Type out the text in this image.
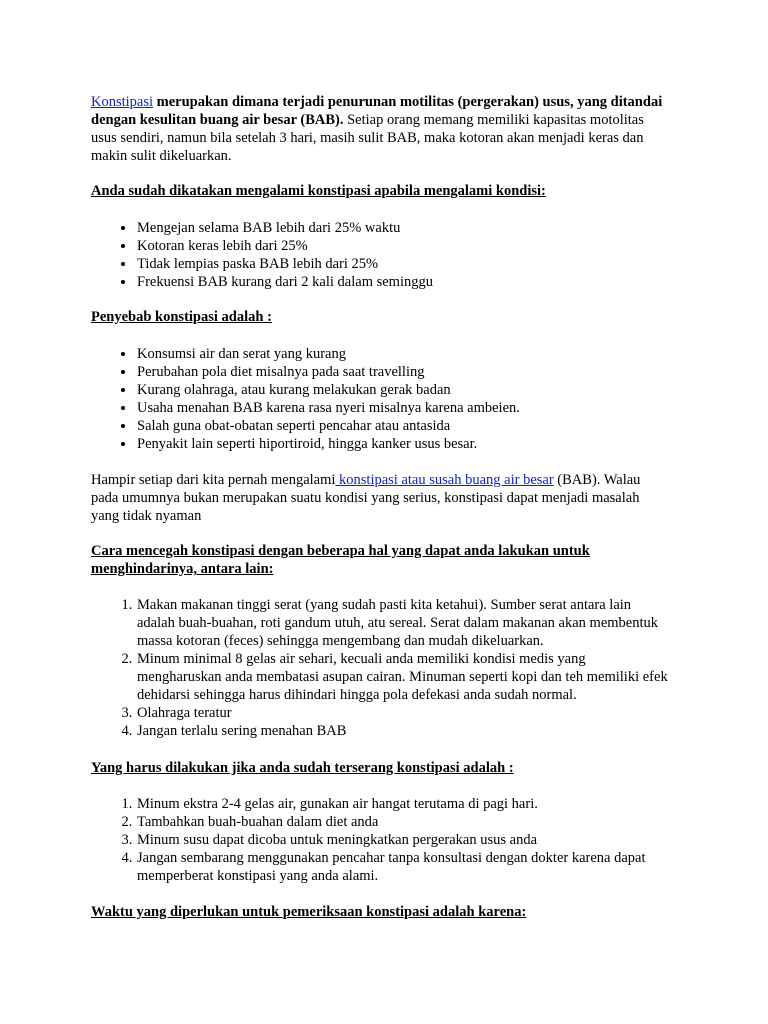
Konstipasi merupakan dimana terjadi penurunan motilitas (pergerakan) usus, yang ditandai dengan kesulitan buang air besar (BAB). Setiap orang memang memiliki kapasitas motolitas usus sendiri, namun bila setelah 3 hari, masih sulit BAB, maka kotoran akan menjadi keras dan makin sulit dikeluarkan.

Anda sudah dikatakan mengalami konstipasi apabila mengalami kondisi:

• Mengejan selama BAB lebih dari 25% waktu
• Kotoran keras lebih dari 25%
• Tidak lempias paska BAB lebih dari 25%
• Frekuensi BAB kurang dari 2 kali dalam seminggu

Penyebab konstipasi adalah :

• Konsumsi air dan serat yang kurang
• Perubahan pola diet misalnya pada saat travelling
• Kurang olahraga, atau kurang melakukan gerak badan
• Usaha menahan BAB karena rasa nyeri misalnya karena ambeien.
• Salah guna obat-obatan seperti pencahar atau antasida
• Penyakit lain seperti hiportiroid, hingga kanker usus besar.

Hampir setiap dari kita pernah mengalami konstipasi atau susah buang air besar (BAB). Walau pada umumnya bukan merupakan suatu kondisi yang serius, konstipasi dapat menjadi masalah yang tidak nyaman

Cara mencegah konstipasi dengan beberapa hal yang dapat anda lakukan untuk menghindarinya, antara lain:

1. Makan makanan tinggi serat (yang sudah pasti kita ketahui). Sumber serat antara lain adalah buah-buahan, roti gandum utuh, atu sereal. Serat dalam makanan akan membentuk massa kotoran (feces) sehingga mengembang dan mudah dikeluarkan.
2. Minum minimal 8 gelas air sehari, kecuali anda memiliki kondisi medis yang mengharuskan anda membatasi asupan cairan. Minuman seperti kopi dan teh memiliki efek dehidarsi sehingga harus dihindari hingga pola defekasi anda sudah normal.
3. Olahraga teratur
4. Jangan terlalu sering menahan BAB

Yang harus dilakukan jika anda sudah terserang konstipasi adalah :

1. Minum ekstra 2-4 gelas air, gunakan air hangat terutama di pagi hari.
2. Tambahkan buah-buahan dalam diet anda
3. Minum susu dapat dicoba untuk meningkatkan pergerakan usus anda
4. Jangan sembarang menggunakan pencahar tanpa konsultasi dengan dokter karena dapat memperberat konstipasi yang anda alami.

Waktu yang diperlukan untuk pemeriksaan konstipasi adalah karena:
